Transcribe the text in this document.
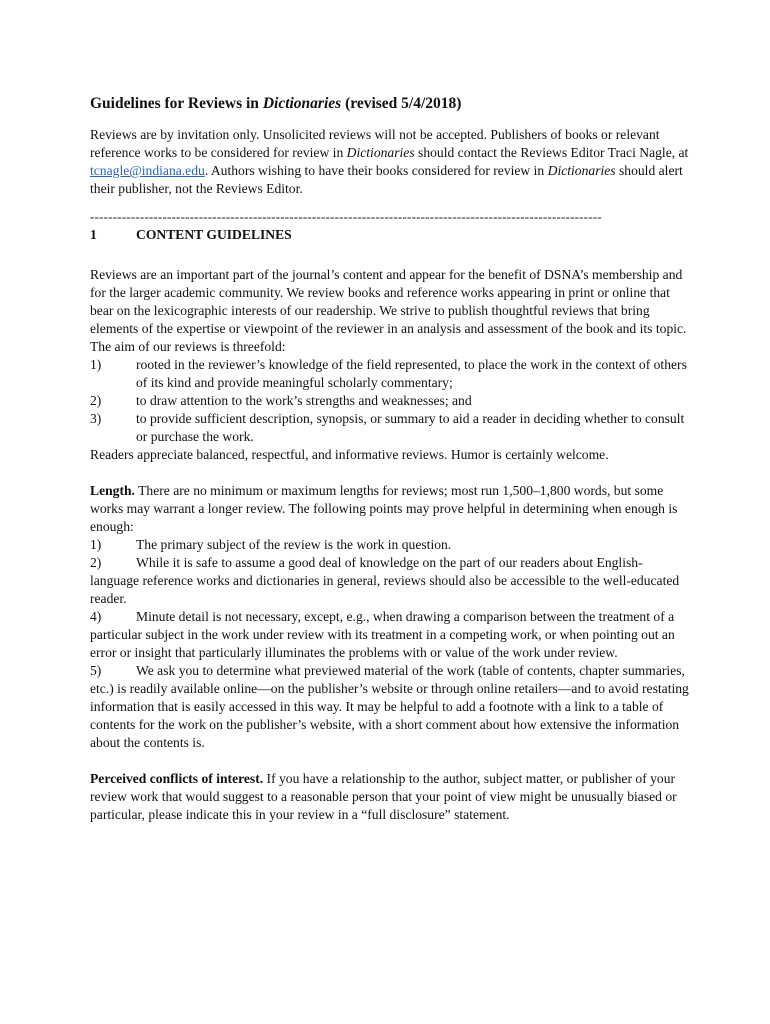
Guidelines for Reviews in Dictionaries (revised 5/4/2018)

Reviews are by invitation only. Unsolicited reviews will not be accepted. Publishers of books or relevant reference works to be considered for review in Dictionaries should contact the Reviews Editor Traci Nagle, at tcnagle@indiana.edu. Authors wishing to have their books considered for review in Dictionaries should alert their publisher, not the Reviews Editor.

-----------------------------------------------------------------------------------------------------------------
1	CONTENT GUIDELINES

Reviews are an important part of the journal’s content and appear for the benefit of DSNA’s membership and for the larger academic community. We review books and reference works appearing in print or online that bear on the lexicographic interests of our readership. We strive to publish thoughtful reviews that bring elements of the expertise or viewpoint of the reviewer in an analysis and assessment of the book and its topic. The aim of our reviews is threefold:

1)	rooted in the reviewer’s knowledge of the field represented, to place the work in the context of others of its kind and provide meaningful scholarly commentary;
2)	to draw attention to the work’s strengths and weaknesses; and
3)	to provide sufficient description, synopsis, or summary to aid a reader in deciding whether to consult or purchase the work.

Readers appreciate balanced, respectful, and informative reviews. Humor is certainly welcome.

Length. There are no minimum or maximum lengths for reviews; most run 1,500–1,800 words, but some works may warrant a longer review. The following points may prove helpful in determining when enough is enough:

1)	The primary subject of the review is the work in question.

2)	While it is safe to assume a good deal of knowledge on the part of our readers about English-language reference works and dictionaries in general, reviews should also be accessible to the well-educated reader.

4)	Minute detail is not necessary, except, e.g., when drawing a comparison between the treatment of a particular subject in the work under review with its treatment in a competing work, or when pointing out an error or insight that particularly illuminates the problems with or value of the work under review.

5)	We ask you to determine what previewed material of the work (table of contents, chapter summaries, etc.) is readily available online—on the publisher’s website or through online retailers—and to avoid restating information that is easily accessed in this way. It may be helpful to add a footnote with a link to a table of contents for the work on the publisher’s website, with a short comment about how extensive the information about the contents is.

Perceived conflicts of interest. If you have a relationship to the author, subject matter, or publisher of your review work that would suggest to a reasonable person that your point of view might be unusually biased or particular, please indicate this in your review in a “full disclosure” statement.
